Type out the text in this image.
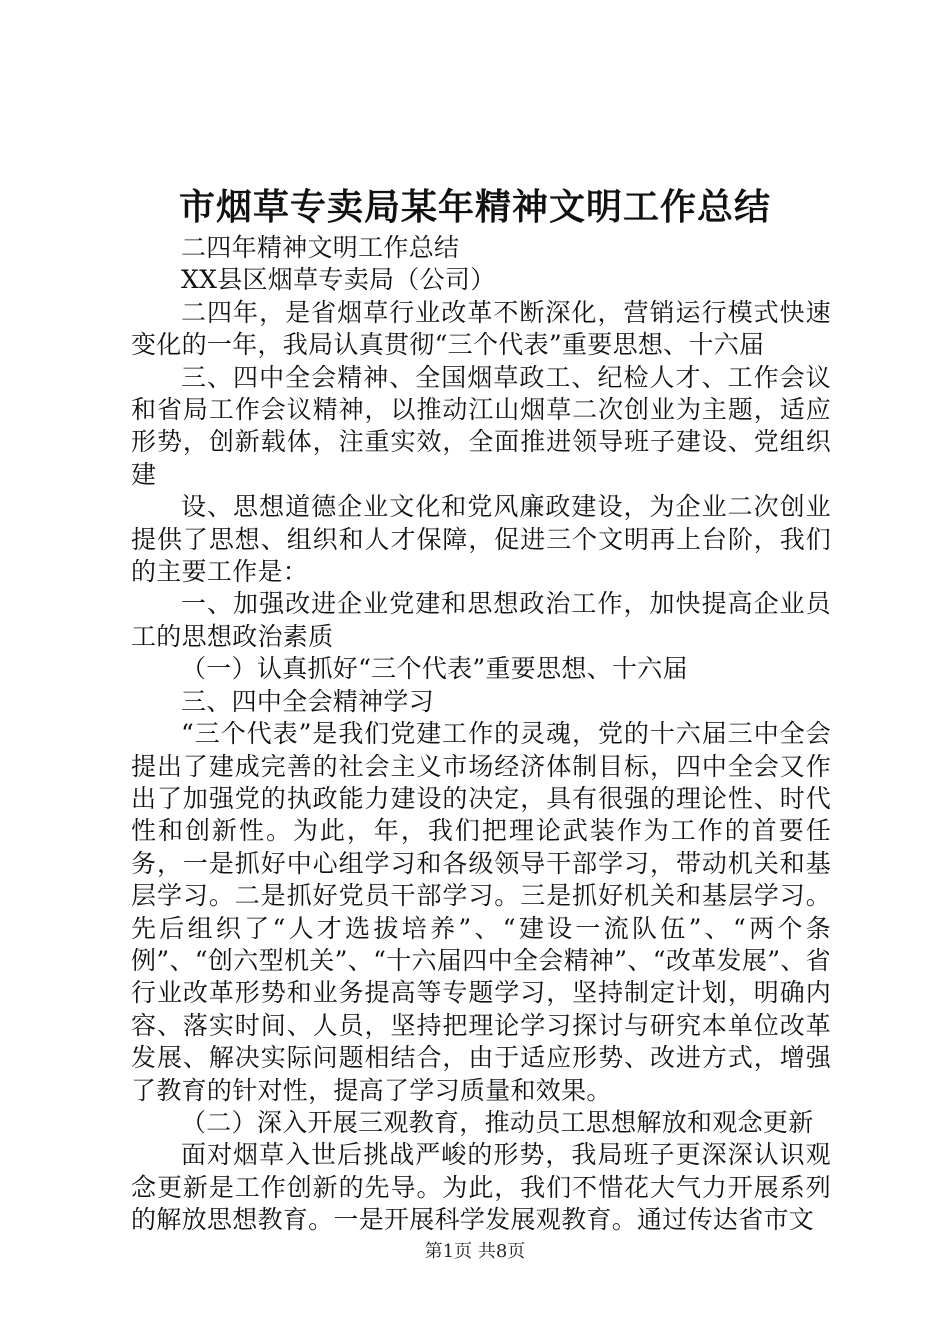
市烟草专卖局某年精神文明工作总结

二四年精神文明工作总结

XX县区烟草专卖局（公司）

二四年，是省烟草行业改革不断深化，营销运行模式快速变化的一年，我局认真贯彻“三个代表”重要思想、十六届

三、四中全会精神、全国烟草政工、纪检人才、工作会议和省局工作会议精神，以推动江山烟草二次创业为主题，适应形势，创新载体，注重实效，全面推进领导班子建设、党组织建

设、思想道德企业文化和党风廉政建设，为企业二次创业提供了思想、组织和人才保障，促进三个文明再上台阶，我们的主要工作是：

一、加强改进企业党建和思想政治工作，加快提高企业员工的思想政治素质

（一）认真抓好“三个代表”重要思想、十六届

三、四中全会精神学习

“三个代表”是我们党建工作的灵魂，党的十六届三中全会提出了建成完善的社会主义市场经济体制目标，四中全会又作出了加强党的执政能力建设的决定，具有很强的理论性、时代性和创新性。为此，年，我们把理论武装作为工作的首要任务，一是抓好中心组学习和各级领导干部学习，带动机关和基层学习。二是抓好党员干部学习。三是抓好机关和基层学习。先后组织了“人才选拔培养”、“建设一流队伍”、“两个条例”、“创六型机关”、“十六届四中全会精神”、“改革发展”、省行业改革形势和业务提高等专题学习，坚持制定计划，明确内容、落实时间、人员，坚持把理论学习探讨与研究本单位改革发展、解决实际问题相结合，由于适应形势、改进方式，增强了教育的针对性，提高了学习质量和效果。

（二）深入开展三观教育，推动员工思想解放和观念更新

面对烟草入世后挑战严峻的形势，我局班子更深深认识观念更新是工作创新的先导。为此，我们不惜花大气力开展系列的解放思想教育。一是开展科学发展观教育。通过传达省市文

第1页 共8页
